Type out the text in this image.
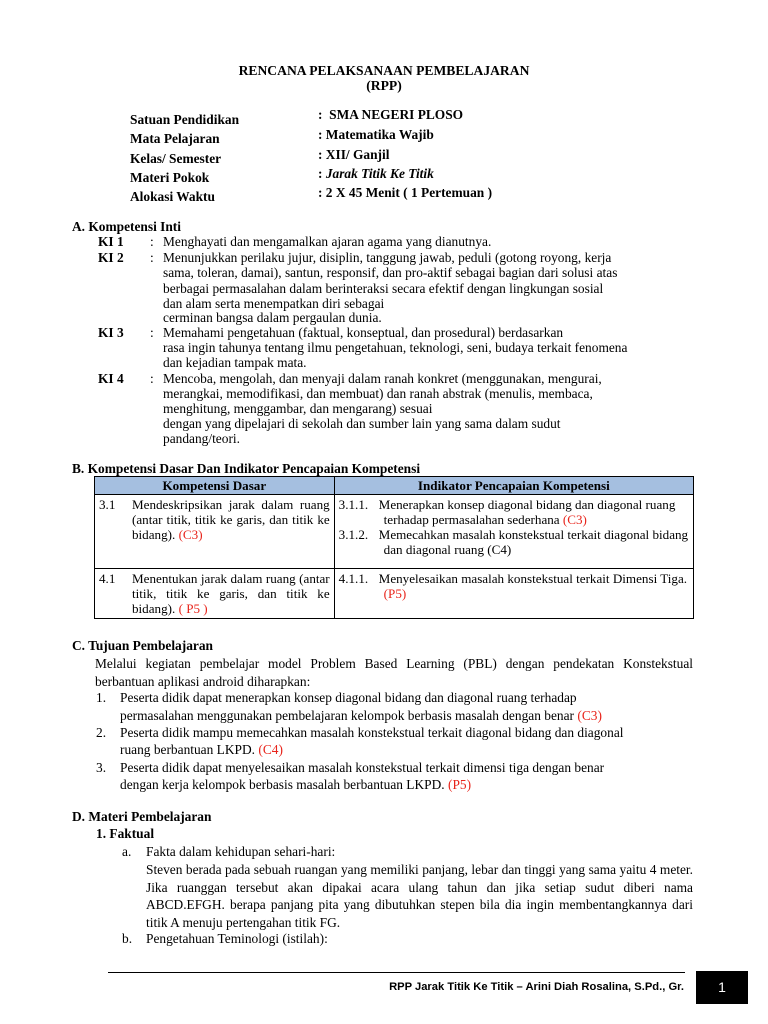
RENCANA PELAKSANAAN PEMBELAJARAN
(RPP)
Satuan Pendidikan	:  SMA NEGERI PLOSO
Mata Pelajaran	: Matematika Wajib
Kelas/ Semester	: XII/ Ganjil
Materi Pokok	: Jarak Titik Ke Titik
Alokasi Waktu	: 2 X 45 Menit ( 1 Pertemuan )
A. Kompetensi Inti
KI 1 : Menghayati dan mengamalkan ajaran agama yang dianutnya.
KI 2 : Menunjukkan perilaku jujur, disiplin, tanggung jawab, peduli (gotong royong, kerja
sama, toleran, damai), santun, responsif, dan pro-aktif sebagai bagian dari solusi atas
berbagai permasalahan dalam berinteraksi secara efektif dengan lingkungan sosial
dan alam serta menempatkan diri sebagai
cerminan bangsa dalam pergaulan dunia.
KI 3 : Memahami pengetahuan (faktual, konseptual, dan prosedural) berdasarkan
rasa ingin tahunya tentang ilmu pengetahuan, teknologi, seni, budaya terkait fenomena
dan kejadian tampak mata.
KI 4 : Mencoba, mengolah, dan menyaji dalam ranah konkret (menggunakan, mengurai,
merangkai, memodifikasi, dan membuat) dan ranah abstrak (menulis, membaca,
menghitung, menggambar, dan mengarang) sesuai
dengan yang dipelajari di sekolah dan sumber lain yang sama dalam sudut
pandang/teori.
B. Kompetensi Dasar Dan Indikator Pencapaian Kompetensi
Kompetensi Dasar	Indikator Pencapaian Kompetensi

3.1 Mendeskripsikan jarak dalam ruang (antar titik, titik ke garis, dan titik ke bidang). (C3)	3.1.1. Menerapkan konsep diagonal bidang dan diagonal ruang terhadap permasalahan sederhana (C3)
3.1.2. Memecahkan masalah konstekstual terkait diagonal bidang dan diagonal ruang (C4)

4.1 Menentukan jarak dalam ruang (antar titik, titik ke garis, dan titik ke bidang). ( P5 )	4.1.1. Menyelesaikan masalah konstekstual terkait Dimensi Tiga. (P5)
C. Tujuan Pembelajaran
Melalui kegiatan pembelajar model Problem Based Learning (PBL) dengan pendekatan Konstekstual berbantuan aplikasi android diharapkan:
1. Peserta didik dapat menerapkan konsep diagonal bidang dan diagonal ruang terhadap
permasalahan menggunakan pembelajaran kelompok berbasis masalah dengan benar (C3)
2. Peserta didik mampu memecahkan masalah konstekstual terkait diagonal bidang dan diagonal
ruang berbantuan LKPD. (C4)
3. Peserta didik dapat menyelesaikan masalah konstekstual terkait dimensi tiga dengan benar
dengan kerja kelompok berbasis masalah berbantuan LKPD. (P5)
D. Materi Pembelajaran
1. Faktual
a. Fakta dalam kehidupan sehari-hari:
Steven berada pada sebuah ruangan yang memiliki panjang, lebar dan tinggi yang sama yaitu 4 meter. Jika ruanggan tersebut akan dipakai acara ulang tahun dan jika setiap sudut diberi nama ABCD.EFGH. berapa panjang pita yang dibutuhkan stepen bila dia ingin membentangkannya dari titik A menuju pertengahan titik FG.
b. Pengetahuan Teminologi (istilah):
RPP Jarak Titik Ke Titik – Arini Diah Rosalina, S.Pd., Gr.	1
